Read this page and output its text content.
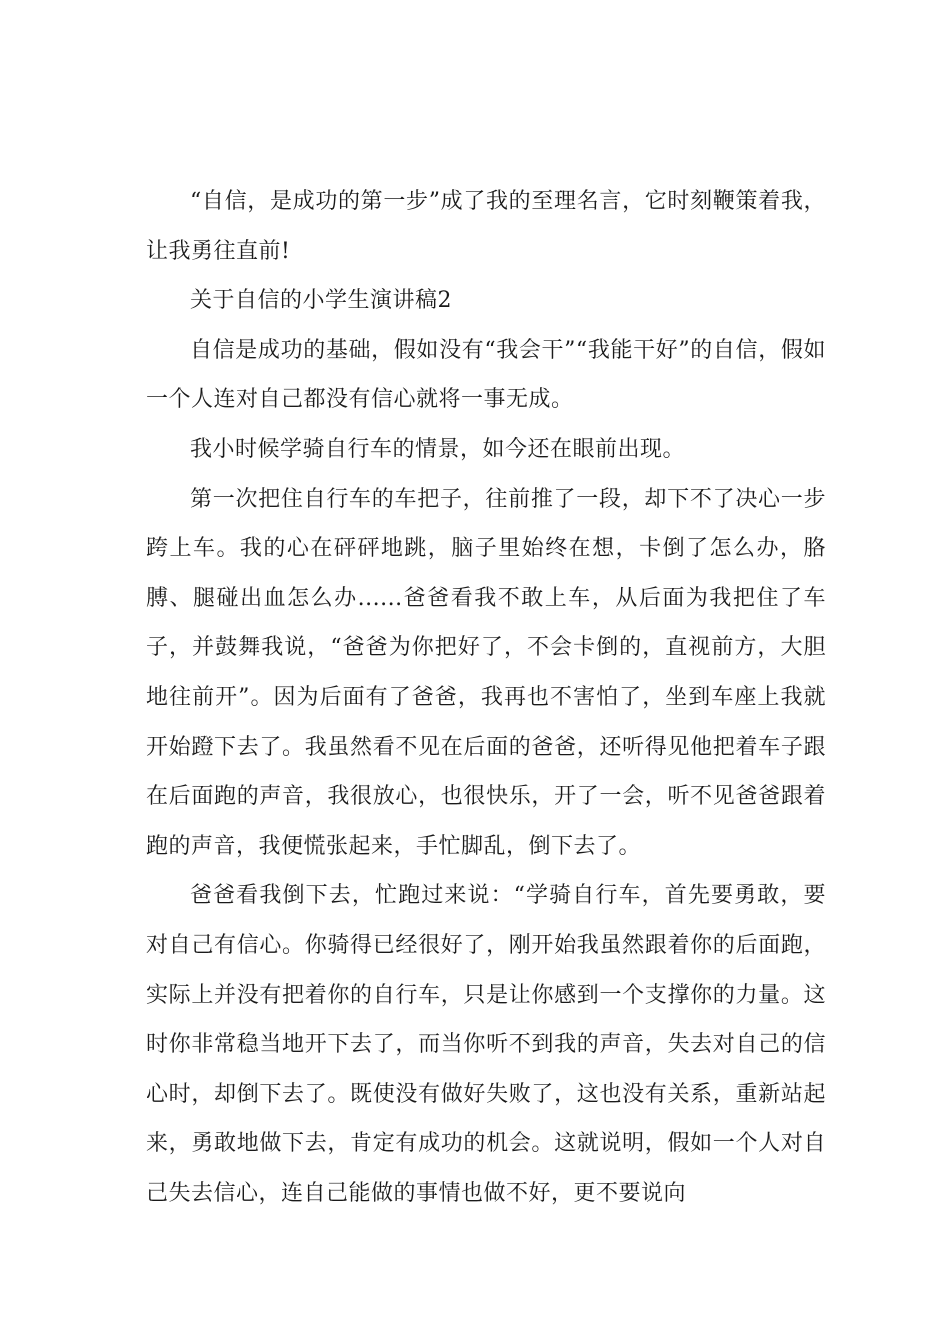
“自信，是成功的第一步”成了我的至理名言，它时刻鞭策着我，让我勇往直前!

关于自信的小学生演讲稿2

自信是成功的基础，假如没有“我会干”“我能干好”的自信，假如一个人连对自己都没有信心就将一事无成。

我小时候学骑自行车的情景，如今还在眼前出现。

第一次把住自行车的车把子，往前推了一段，却下不了决心一步跨上车。我的心在砰砰地跳，脑子里始终在想，卡倒了怎么办，胳膊、腿碰出血怎么办......爸爸看我不敢上车，从后面为我把住了车子，并鼓舞我说，“爸爸为你把好了，不会卡倒的，直视前方，大胆地往前开”。因为后面有了爸爸，我再也不害怕了，坐到车座上我就开始蹬下去了。我虽然看不见在后面的爸爸，还听得见他把着车子跟在后面跑的声音，我很放心，也很快乐，开了一会，听不见爸爸跟着跑的声音，我便慌张起来，手忙脚乱，倒下去了。

爸爸看我倒下去，忙跑过来说：“学骑自行车，首先要勇敢，要对自己有信心。你骑得已经很好了，刚开始我虽然跟着你的后面跑，实际上并没有把着你的自行车，只是让你感到一个支撑你的力量。这时你非常稳当地开下去了，而当你听不到我的声音，失去对自己的信心时，却倒下去了。既使没有做好失败了，这也没有关系，重新站起来，勇敢地做下去，肯定有成功的机会。这就说明，假如一个人对自己失去信心，连自己能做的事情也做不好，更不要说向
